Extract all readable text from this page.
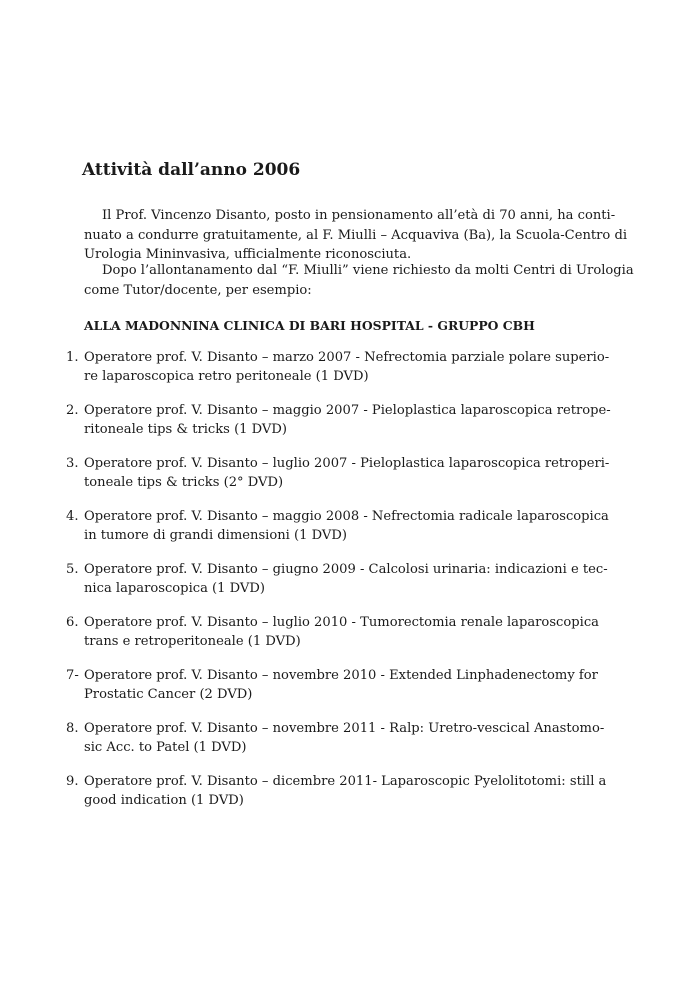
Attività dall’anno 2006

Il Prof. Vincenzo Disanto, posto in pensionamento all’età di 70 anni, ha conti-
nuato a condurre gratuitamente, al F. Miulli – Acquaviva (Ba), la Scuola-Centro di
Urologia Mininvasiva, ufficialmente riconosciuta.

Dopo l’allontanamento dal “F. Miulli” viene richiesto da molti Centri di Urologia
come Tutor/docente, per esempio:

ALLA MADONNINA CLINICA DI BARI HOSPITAL - GRUPPO CBH
1. Operatore prof. V. Disanto – marzo 2007 - Nefrectomia parziale polare superio-
re laparoscopica retro peritoneale (1 DVD)
2. Operatore prof. V. Disanto – maggio 2007 - Pieloplastica laparoscopica retrope-
ritoneale tips & tricks (1 DVD)
3. Operatore prof. V. Disanto – luglio 2007 - Pieloplastica laparoscopica retroperi-
toneale tips & tricks (2° DVD)
4. Operatore prof. V. Disanto – maggio 2008 - Nefrectomia radicale laparoscopica
in tumore di grandi dimensioni (1 DVD)
5. Operatore prof. V. Disanto – giugno 2009 - Calcolosi urinaria: indicazioni e tec-
nica laparoscopica (1 DVD)
6. Operatore prof. V. Disanto – luglio 2010 - Tumorectomia renale laparoscopica
trans e retroperitoneale (1 DVD)
7- Operatore prof. V. Disanto – novembre 2010 - Extended Linphadenectomy for
Prostatic Cancer (2 DVD)
8. Operatore prof. V. Disanto – novembre 2011 - Ralp: Uretro-vescical Anastomo-
sic Acc. to Patel (1 DVD)
9. Operatore prof. V. Disanto – dicembre 2011- Laparoscopic Pyelolitotomi: still a
good indication (1 DVD)
